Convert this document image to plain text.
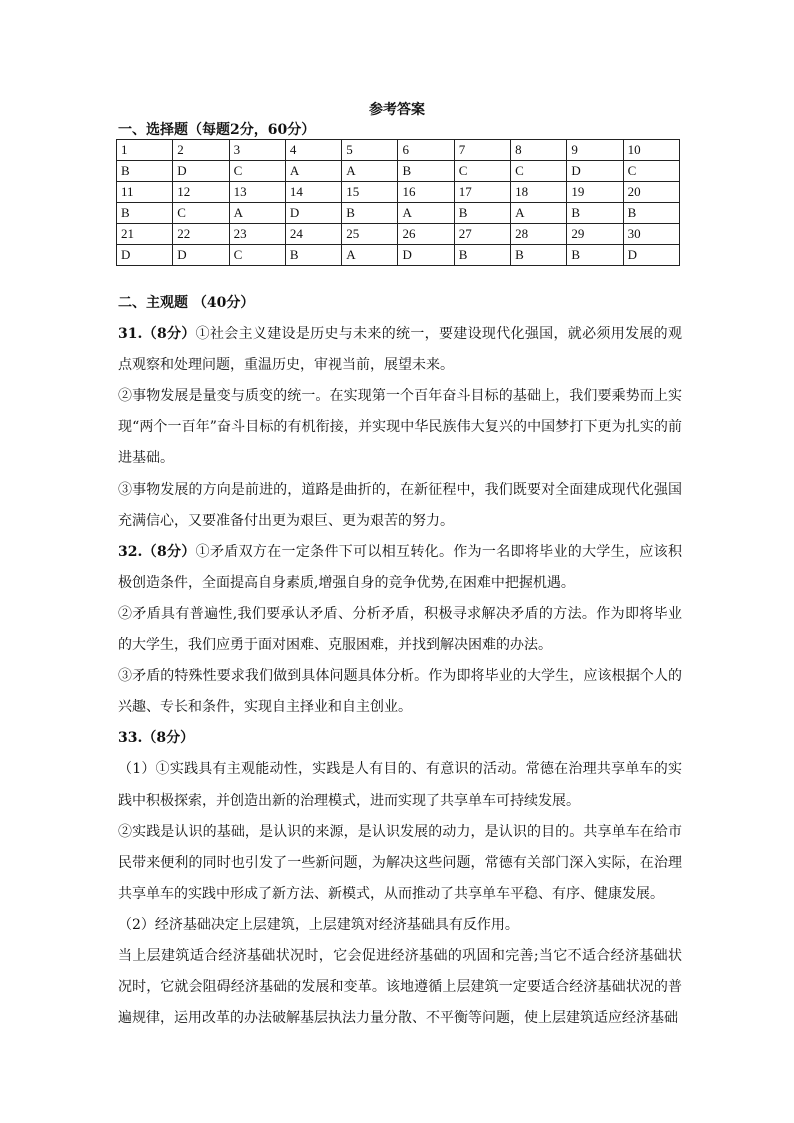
参考答案
一、选择题（每题2分，60分）
1	2	3	4	5	6	7	8	9	10
B	D	C	A	A	B	C	C	D	C
11	12	13	14	15	16	17	18	19	20
B	C	A	D	B	A	B	A	B	B
21	22	23	24	25	26	27	28	29	30
D	D	C	B	A	D	B	B	B	D

二、主观题 （40分）

31.（8分）①社会主义建设是历史与未来的统一，要建设现代化强国，就必须用发展的观点观察和处理问题，重温历史，审视当前，展望未来。

②事物发展是量变与质变的统一。在实现第一个百年奋斗目标的基础上，我们要乘势而上实现“两个一百年”奋斗目标的有机衔接，并实现中华民族伟大复兴的中国梦打下更为扎实的前进基础。

③事物发展的方向是前进的，道路是曲折的，在新征程中，我们既要对全面建成现代化强国充满信心，又要准备付出更为艰巨、更为艰苦的努力。

32.（8分）①矛盾双方在一定条件下可以相互转化。作为一名即将毕业的大学生，应该积极创造条件，全面提高自身素质,增强自身的竞争优势,在困难中把握机遇。

②矛盾具有普遍性,我们要承认矛盾、分析矛盾，积极寻求解决矛盾的方法。作为即将毕业的大学生，我们应勇于面对困难、克服困难，并找到解决困难的办法。

③矛盾的特殊性要求我们做到具体问题具体分析。作为即将毕业的大学生，应该根据个人的兴趣、专长和条件，实现自主择业和自主创业。

33.（8分）

（1）①实践具有主观能动性，实践是人有目的、有意识的活动。常德在治理共享单车的实践中积极探索，并创造出新的治理模式，进而实现了共享单车可持续发展。

②实践是认识的基础，是认识的来源，是认识发展的动力，是认识的目的。共享单车在给市民带来便利的同时也引发了一些新问题，为解决这些问题，常德有关部门深入实际，在治理共享单车的实践中形成了新方法、新模式，从而推动了共享单车平稳、有序、健康发展。

（2）经济基础决定上层建筑，上层建筑对经济基础具有反作用。

当上层建筑适合经济基础状况时，它会促进经济基础的巩固和完善;当它不适合经济基础状况时，它就会阻碍经济基础的发展和变革。该地遵循上层建筑一定要适合经济基础状况的普遍规律，运用改革的办法破解基层执法力量分散、不平衡等问题，使上层建筑适应经济基础
